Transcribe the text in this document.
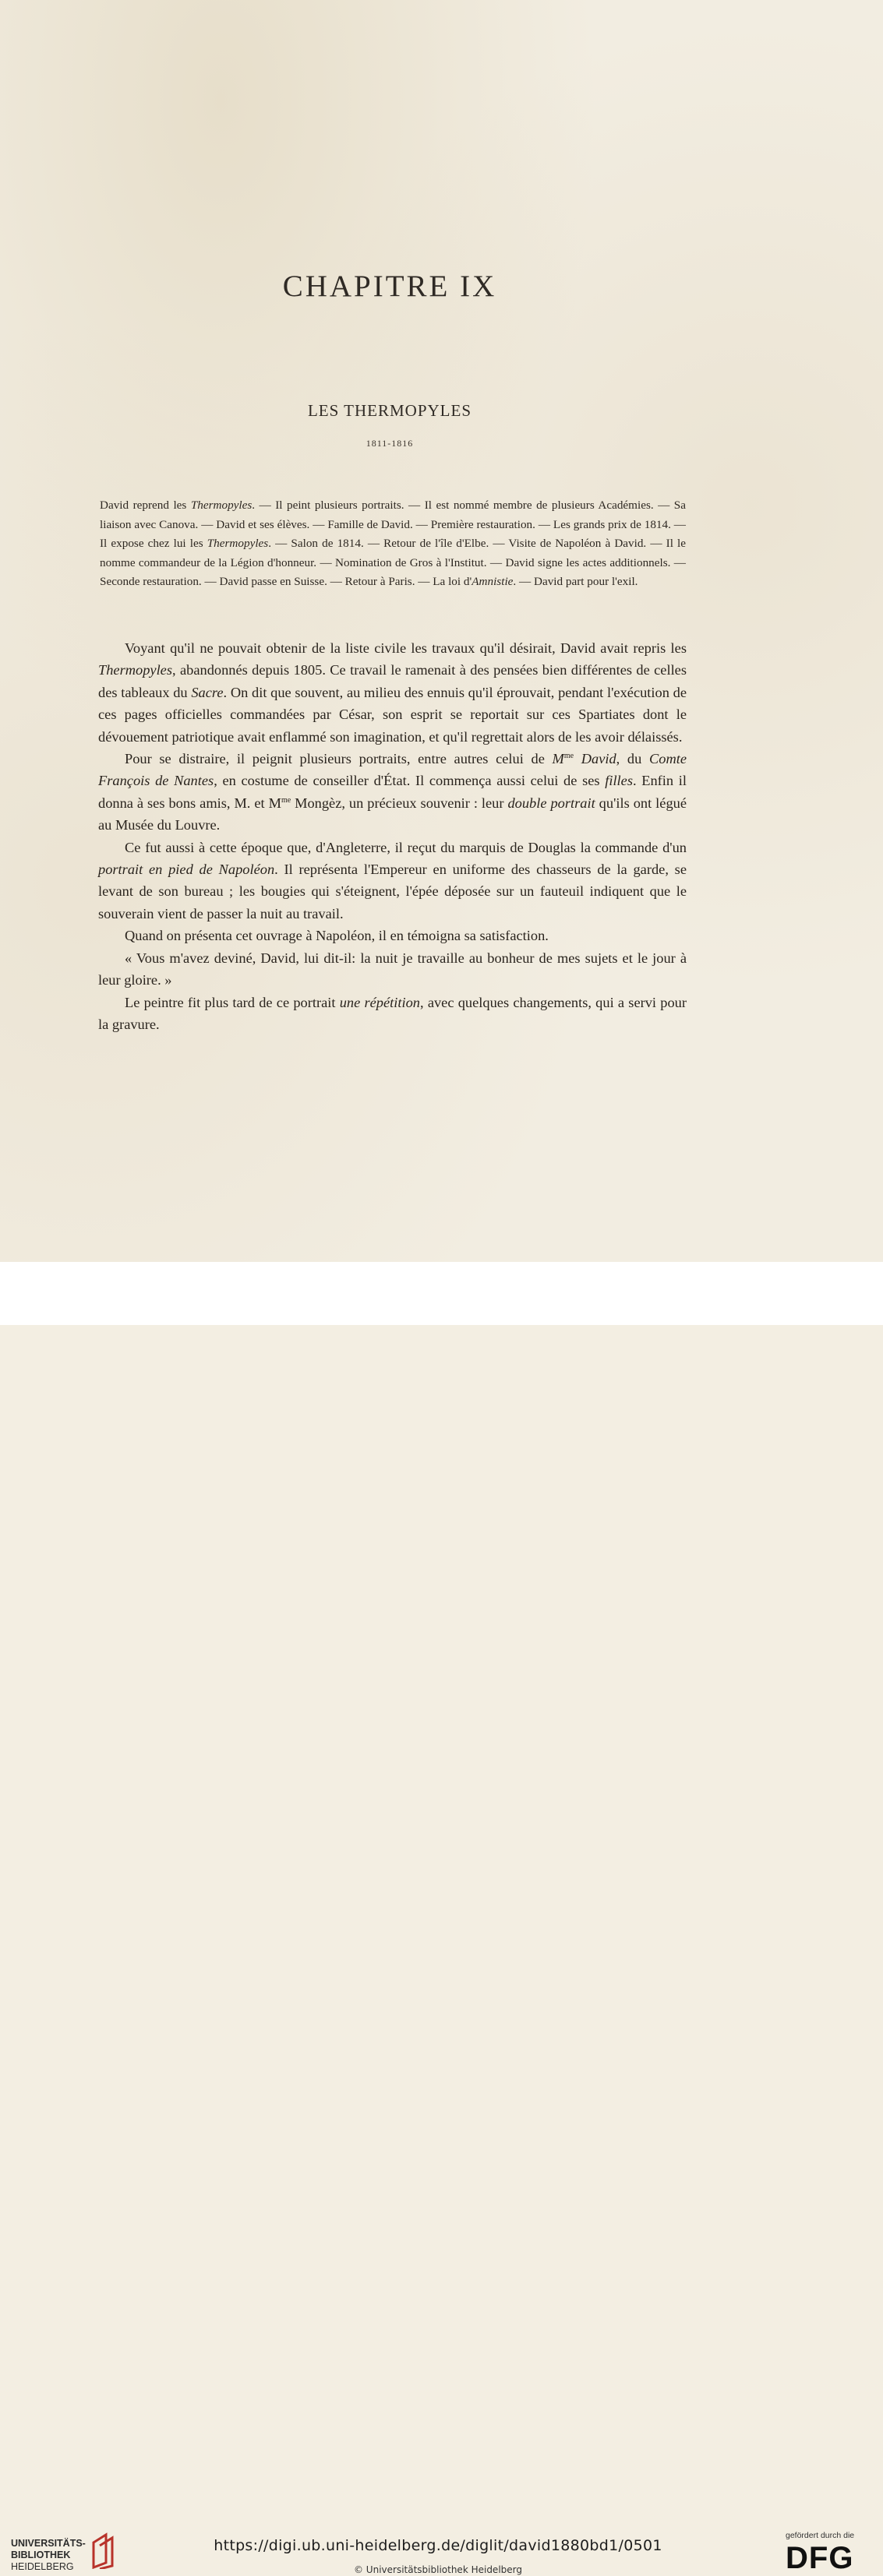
CHAPITRE IX
LES THERMOPYLES
1811-1816
David reprend les Thermopyles. — Il peint plusieurs portraits. — Il est nommé membre de plusieurs Académies. — Sa liaison avec Canova. — David et ses élèves. — Famille de David. — Première restauration. — Les grands prix de 1814. — Il expose chez lui les Thermopyles. — Salon de 1814. — Retour de l'île d'Elbe. — Visite de Napoléon à David. — Il le nomme commandeur de la Légion d'honneur. — Nomination de Gros à l'Institut. — David signe les actes additionnels. — Seconde restauration. — David passe en Suisse. — Retour à Paris. — La loi d'Amnistie. — David part pour l'exil.

Voyant qu'il ne pouvait obtenir de la liste civile les travaux qu'il désirait, David avait repris les Thermopyles, abandonnés depuis 1805. Ce travail le ramenait à des pensées bien différentes de celles des tableaux du Sacre. On dit que souvent, au milieu des ennuis qu'il éprouvait, pendant l'exécution de ces pages officielles commandées par César, son esprit se reportait sur ces Spartiates dont le dévouement patriotique avait enflammé son imagination, et qu'il regrettait alors de les avoir délaissés.

Pour se distraire, il peignit plusieurs portraits, entre autres celui de $M^{me}$ David, du Comte François de Nantes, en costume de conseiller d'État. Il commença aussi celui de ses filles. Enfin il donna à ses bons amis, M. et $M^{me}$ Mongèz, un précieux souvenir : leur double portrait qu'ils ont légué au Musée du Louvre.

Ce fut aussi à cette époque que, d'Angleterre, il reçut du marquis de Douglas la commande d'un portrait en pied de Napoléon. Il représenta l'Empereur en uniforme des chasseurs de la garde, se levant de son bureau ; les bougies qui s'éteignent, l'épée déposée sur un fauteuil indiquent que le souverain vient de passer la nuit au travail.

Quand on présenta cet ouvrage à Napoléon, il en témoigna sa satisfaction.

« Vous m'avez deviné, David, lui dit-il: la nuit je travaille au bonheur de mes sujets et le jour à leur gloire. »

Le peintre fit plus tard de ce portrait une répétition, avec quelques changements, qui a servi pour la gravure.

UNIVERSITÄTS-
BIBLIOTHEK
HEIDELBERG
https://digi.ub.uni-heidelberg.de/diglit/david1880bd1/0501
© Universitätsbibliothek Heidelberg
gefördert durch die
DFG
